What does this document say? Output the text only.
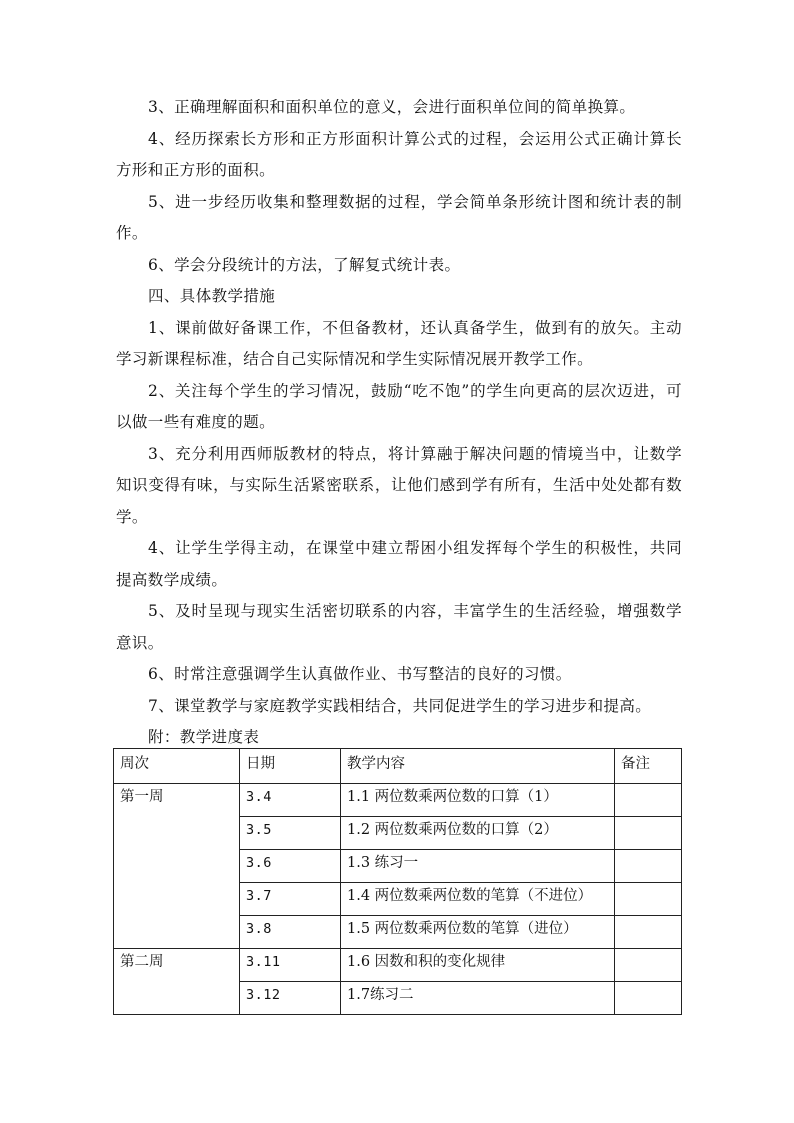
3、正确理解面积和面积单位的意义，会进行面积单位间的简单换算。

4、经历探索长方形和正方形面积计算公式的过程，会运用公式正确计算长方形和正方形的面积。

5、进一步经历收集和整理数据的过程，学会简单条形统计图和统计表的制作。

6、学会分段统计的方法，了解复式统计表。

四、具体教学措施

1、课前做好备课工作，不但备教材，还认真备学生，做到有的放矢。主动学习新课程标准，结合自己实际情况和学生实际情况展开教学工作。

2、关注每个学生的学习情况，鼓励“吃不饱”的学生向更高的层次迈进，可以做一些有难度的题。

3、充分利用西师版教材的特点，将计算融于解决问题的情境当中，让数学知识变得有味，与实际生活紧密联系，让他们感到学有所有，生活中处处都有数学。

4、让学生学得主动，在课堂中建立帮困小组发挥每个学生的积极性，共同提高数学成绩。

5、及时呈现与现实生活密切联系的内容，丰富学生的生活经验，增强数学意识。

6、时常注意强调学生认真做作业、书写整洁的良好的习惯。

7、课堂教学与家庭教学实践相结合，共同促进学生的学习进步和提高。

附：教学进度表

周次	日期	教学内容	备注
第一周	3.4	1.1 两位数乘两位数的口算（1）	
	3.5	1.2 两位数乘两位数的口算（2）	
	3.6	1.3 练习一	
	3.7	1.4 两位数乘两位数的笔算（不进位）	
	3.8	1.5 两位数乘两位数的笔算（进位）	
第二周	3.11	1.6 因数和积的变化规律	
	3.12	1.7练习二	
